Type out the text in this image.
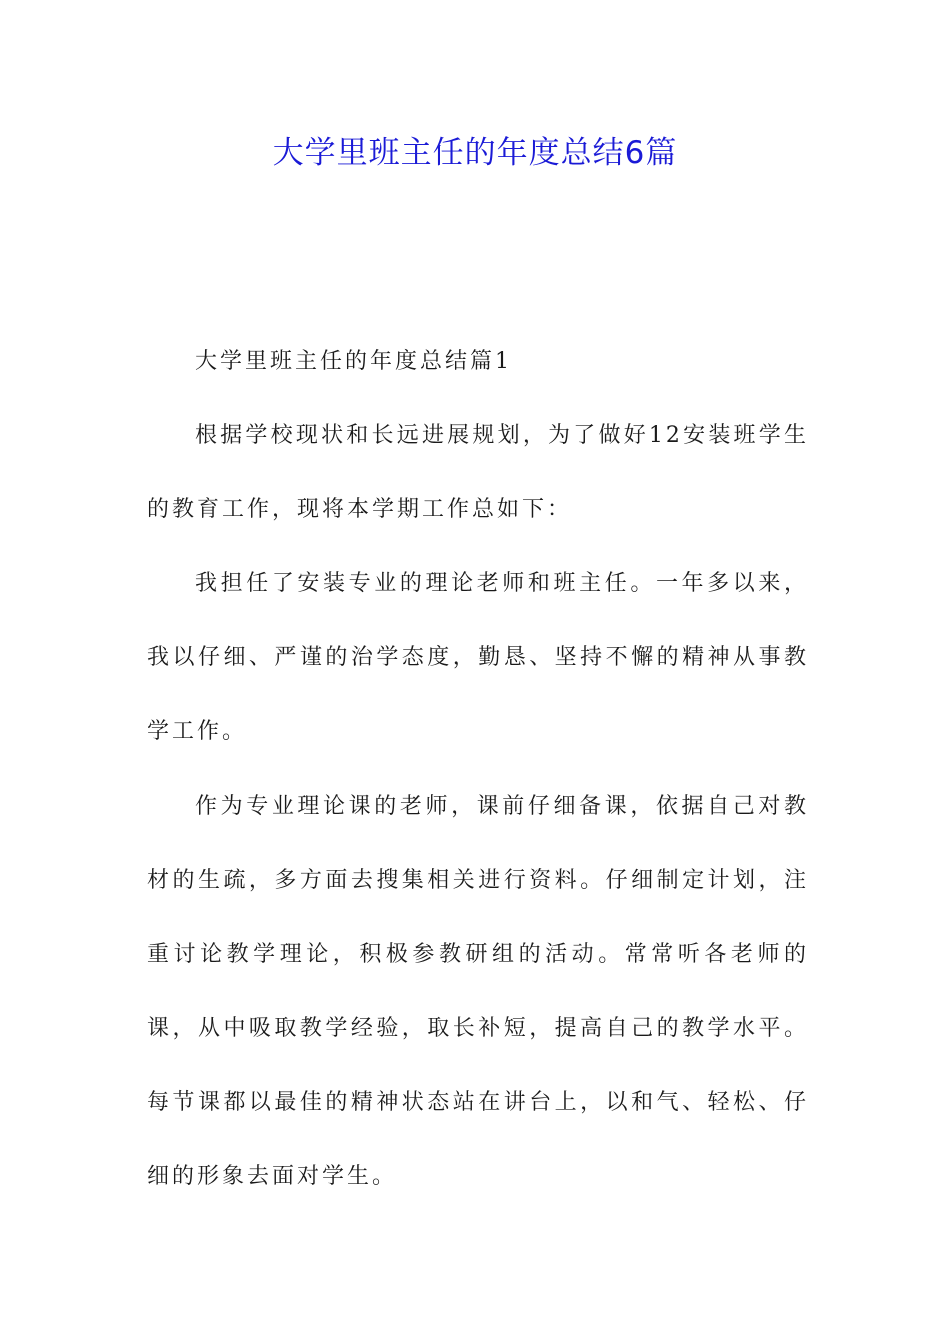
大学里班主任的年度总结6篇

大学里班主任的年度总结篇1

根据学校现状和长远进展规划，为了做好12安装班学生的教育工作，现将本学期工作总如下：

我担任了安装专业的理论老师和班主任。一年多以来，我以仔细、严谨的治学态度，勤恳、坚持不懈的精神从事教学工作。

作为专业理论课的老师，课前仔细备课，依据自己对教材的生疏，多方面去搜集相关进行资料。仔细制定计划，注重讨论教学理论，积极参教研组的活动。常常听各老师的课，从中吸取教学经验，取长补短，提高自己的教学水平。每节课都以最佳的精神状态站在讲台上，以和气、轻松、仔细的形象去面对学生。
